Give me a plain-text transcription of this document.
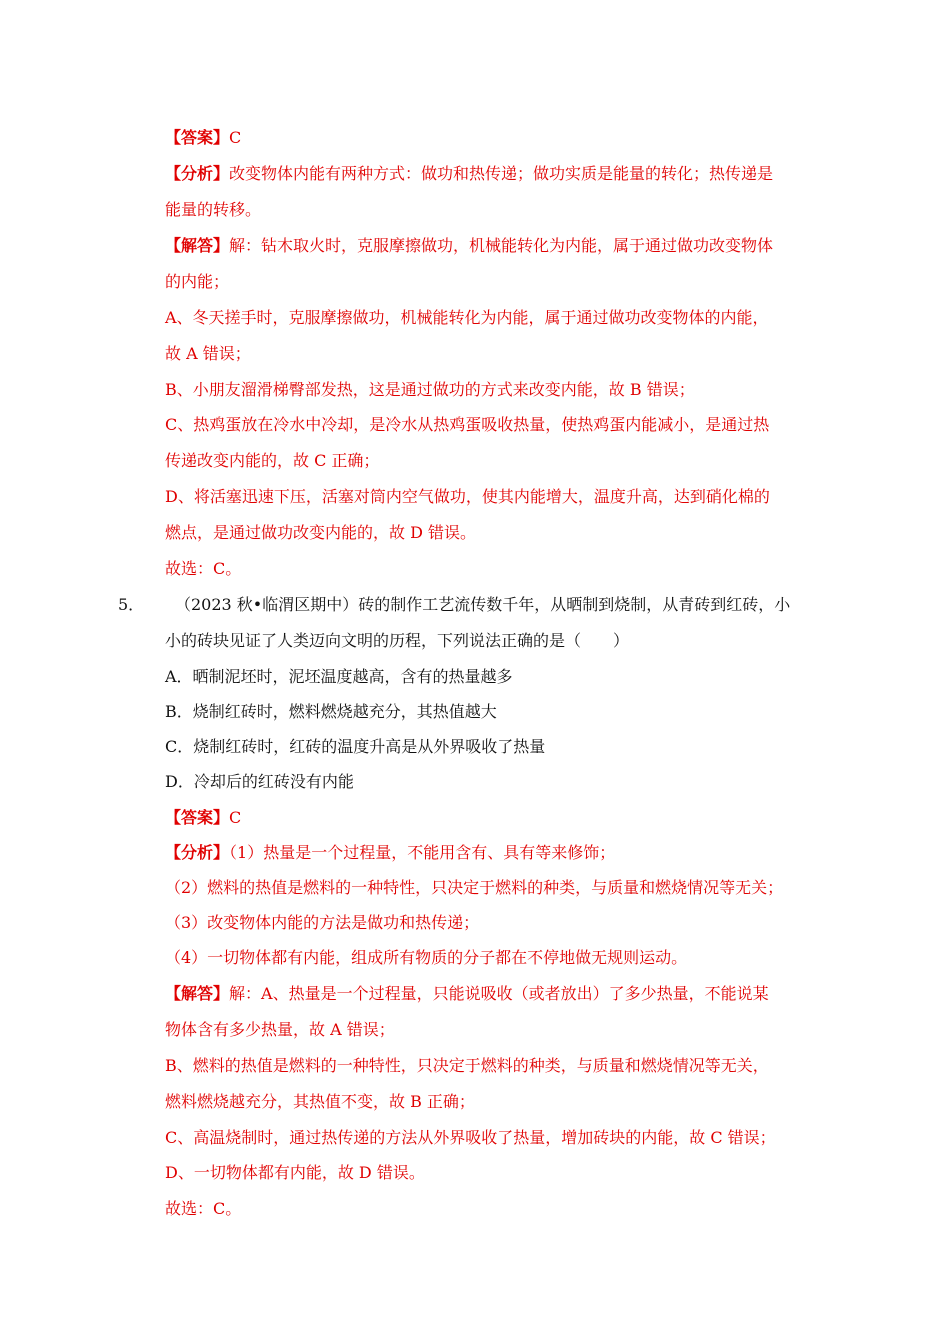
【答案】C
【分析】改变物体内能有两种方式：做功和热传递；做功实质是能量的转化；热传递是
能量的转移。
【解答】解：钻木取火时，克服摩擦做功，机械能转化为内能，属于通过做功改变物体
的内能；
A、冬天搓手时，克服摩擦做功，机械能转化为内能，属于通过做功改变物体的内能，
故 A 错误；
B、小朋友溜滑梯臀部发热，这是通过做功的方式来改变内能，故 B 错误；
C、热鸡蛋放在冷水中冷却，是冷水从热鸡蛋吸收热量，使热鸡蛋内能减小，是通过热
传递改变内能的，故 C 正确；
D、将活塞迅速下压，活塞对筒内空气做功，使其内能增大，温度升高，达到硝化棉的
燃点，是通过做功改变内能的，故 D 错误。
故选：C。
5． （2023 秋•临渭区期中）砖的制作工艺流传数千年，从晒制到烧制，从青砖到红砖，小
小的砖块见证了人类迈向文明的历程，下列说法正确的是（　　）
A．晒制泥坯时，泥坯温度越高，含有的热量越多
B．烧制红砖时，燃料燃烧越充分，其热值越大
C．烧制红砖时，红砖的温度升高是从外界吸收了热量
D．冷却后的红砖没有内能
【答案】C
【分析】（1）热量是一个过程量，不能用含有、具有等来修饰；
（2）燃料的热值是燃料的一种特性，只决定于燃料的种类，与质量和燃烧情况等无关；
（3）改变物体内能的方法是做功和热传递；
（4）一切物体都有内能，组成所有物质的分子都在不停地做无规则运动。
【解答】解：A、热量是一个过程量，只能说吸收（或者放出）了多少热量，不能说某
物体含有多少热量，故 A 错误；
B、燃料的热值是燃料的一种特性，只决定于燃料的种类，与质量和燃烧情况等无关，
燃料燃烧越充分，其热值不变，故 B 正确；
C、高温烧制时，通过热传递的方法从外界吸收了热量，增加砖块的内能，故 C 错误；
D、一切物体都有内能，故 D 错误。
故选：C。
